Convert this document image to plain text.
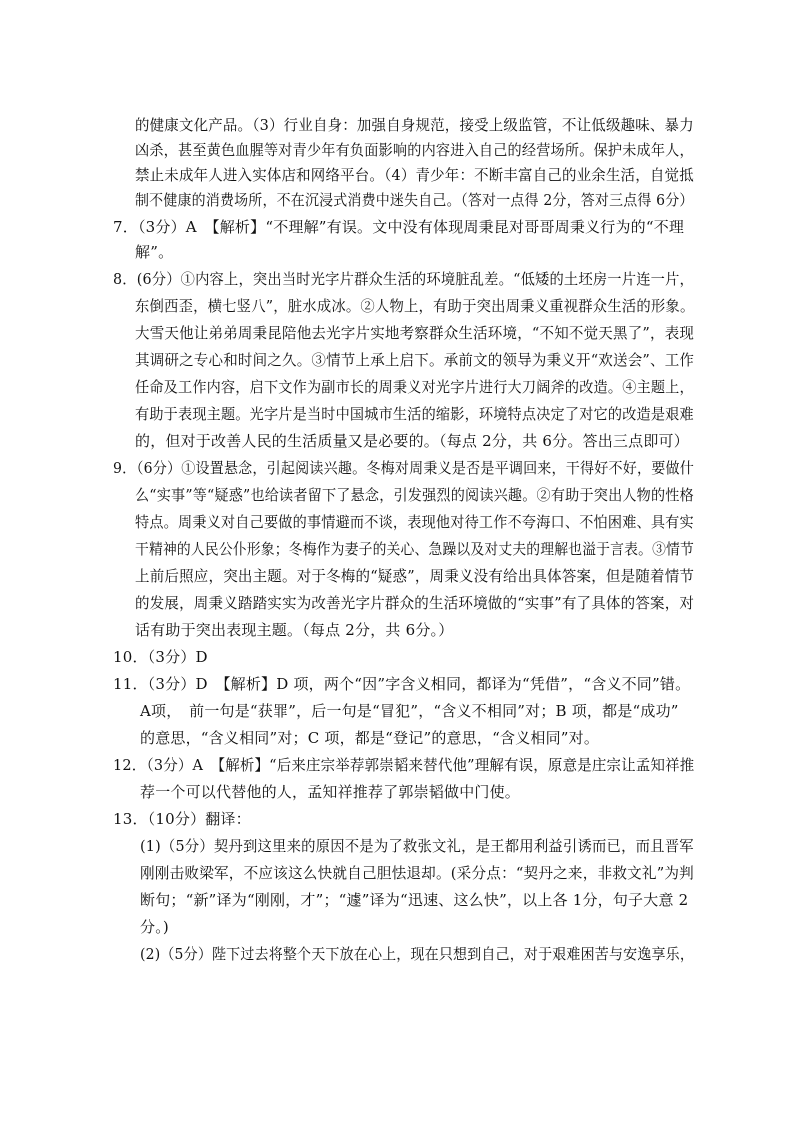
的健康文化产品。（3）行业自身：加强自身规范，接受上级监管，不让低级趣味、暴力
凶杀，甚至黄色血腥等对青少年有负面影响的内容进入自己的经营场所。保护未成年人，
禁止未成年人进入实体店和网络平台。（4）青少年：不断丰富自己的业余生活，自觉抵
制不健康的消费场所，不在沉浸式消费中迷失自己。（答对一点得 2分，答对三点得 6分）
7．（3分）A　【解析】“不理解”有误。文中没有体现周秉昆对哥哥周秉义行为的“不理
解”。
8．(6分）①内容上，突出当时光字片群众生活的环境脏乱差。“低矮的土坯房一片连一片，
东倒西歪，横七竖八”，脏水成冰。②人物上，有助于突出周秉义重视群众生活的形象。
大雪天他让弟弟周秉昆陪他去光字片实地考察群众生活环境，“不知不觉天黑了”，表现
其调研之专心和时间之久。③情节上承上启下。承前文的领导为秉义开“欢送会”、工作
任命及工作内容，启下文作为副市长的周秉义对光字片进行大刀阔斧的改造。④主题上，
有助于表现主题。光字片是当时中国城市生活的缩影，环境特点决定了对它的改造是艰难
的，但对于改善人民的生活质量又是必要的。（每点 2分，共 6分。答出三点即可）
9．（6分）①设置悬念，引起阅读兴趣。冬梅对周秉义是否是平调回来，干得好不好，要做什
么“实事”等“疑惑”也给读者留下了悬念，引发强烈的阅读兴趣。②有助于突出人物的性格
特点。周秉义对自己要做的事情避而不谈，表现他对待工作不夸海口、不怕困难、具有实
干精神的人民公仆形象；冬梅作为妻子的关心、急躁以及对丈夫的理解也溢于言表。③情节
上前后照应，突出主题。对于冬梅的“疑惑”，周秉义没有给出具体答案，但是随着情节
的发展，周秉义踏踏实实为改善光字片群众的生活环境做的“实事”有了具体的答案，对
话有助于突出表现主题。（每点 2分，共 6分。）
10．（3分）D
11．（3分）D　【解析】D 项，两个“因”字含义相同，都译为“凭借”，“含义不同”错。
A项，　前一句是“获罪”，后一句是“冒犯”，“含义不相同”对；B 项，都是“成功”
的意思，“含义相同”对；C 项，都是“登记”的意思，“含义相同”对。
12．（3分）A　【解析】“后来庄宗举荐郭崇韬来替代他”理解有误，原意是庄宗让孟知祥推
荐一个可以代替他的人，孟知祥推荐了郭崇韬做中门使。
13．（10分）翻译：
(1)（5分）契丹到这里来的原因不是为了救张文礼，是王都用利益引诱而已，而且晋军
刚刚击败梁军，不应该这么快就自己胆怯退却。(采分点：“契丹之来，非救文礼”为判
断句；“新”译为“刚刚，才”；“遽”译为“迅速、这么快”，以上各 1分，句子大意 2
分。)
(2)（5分）陛下过去将整个天下放在心上，现在只想到自己，对于艰难困苦与安逸享乐，
